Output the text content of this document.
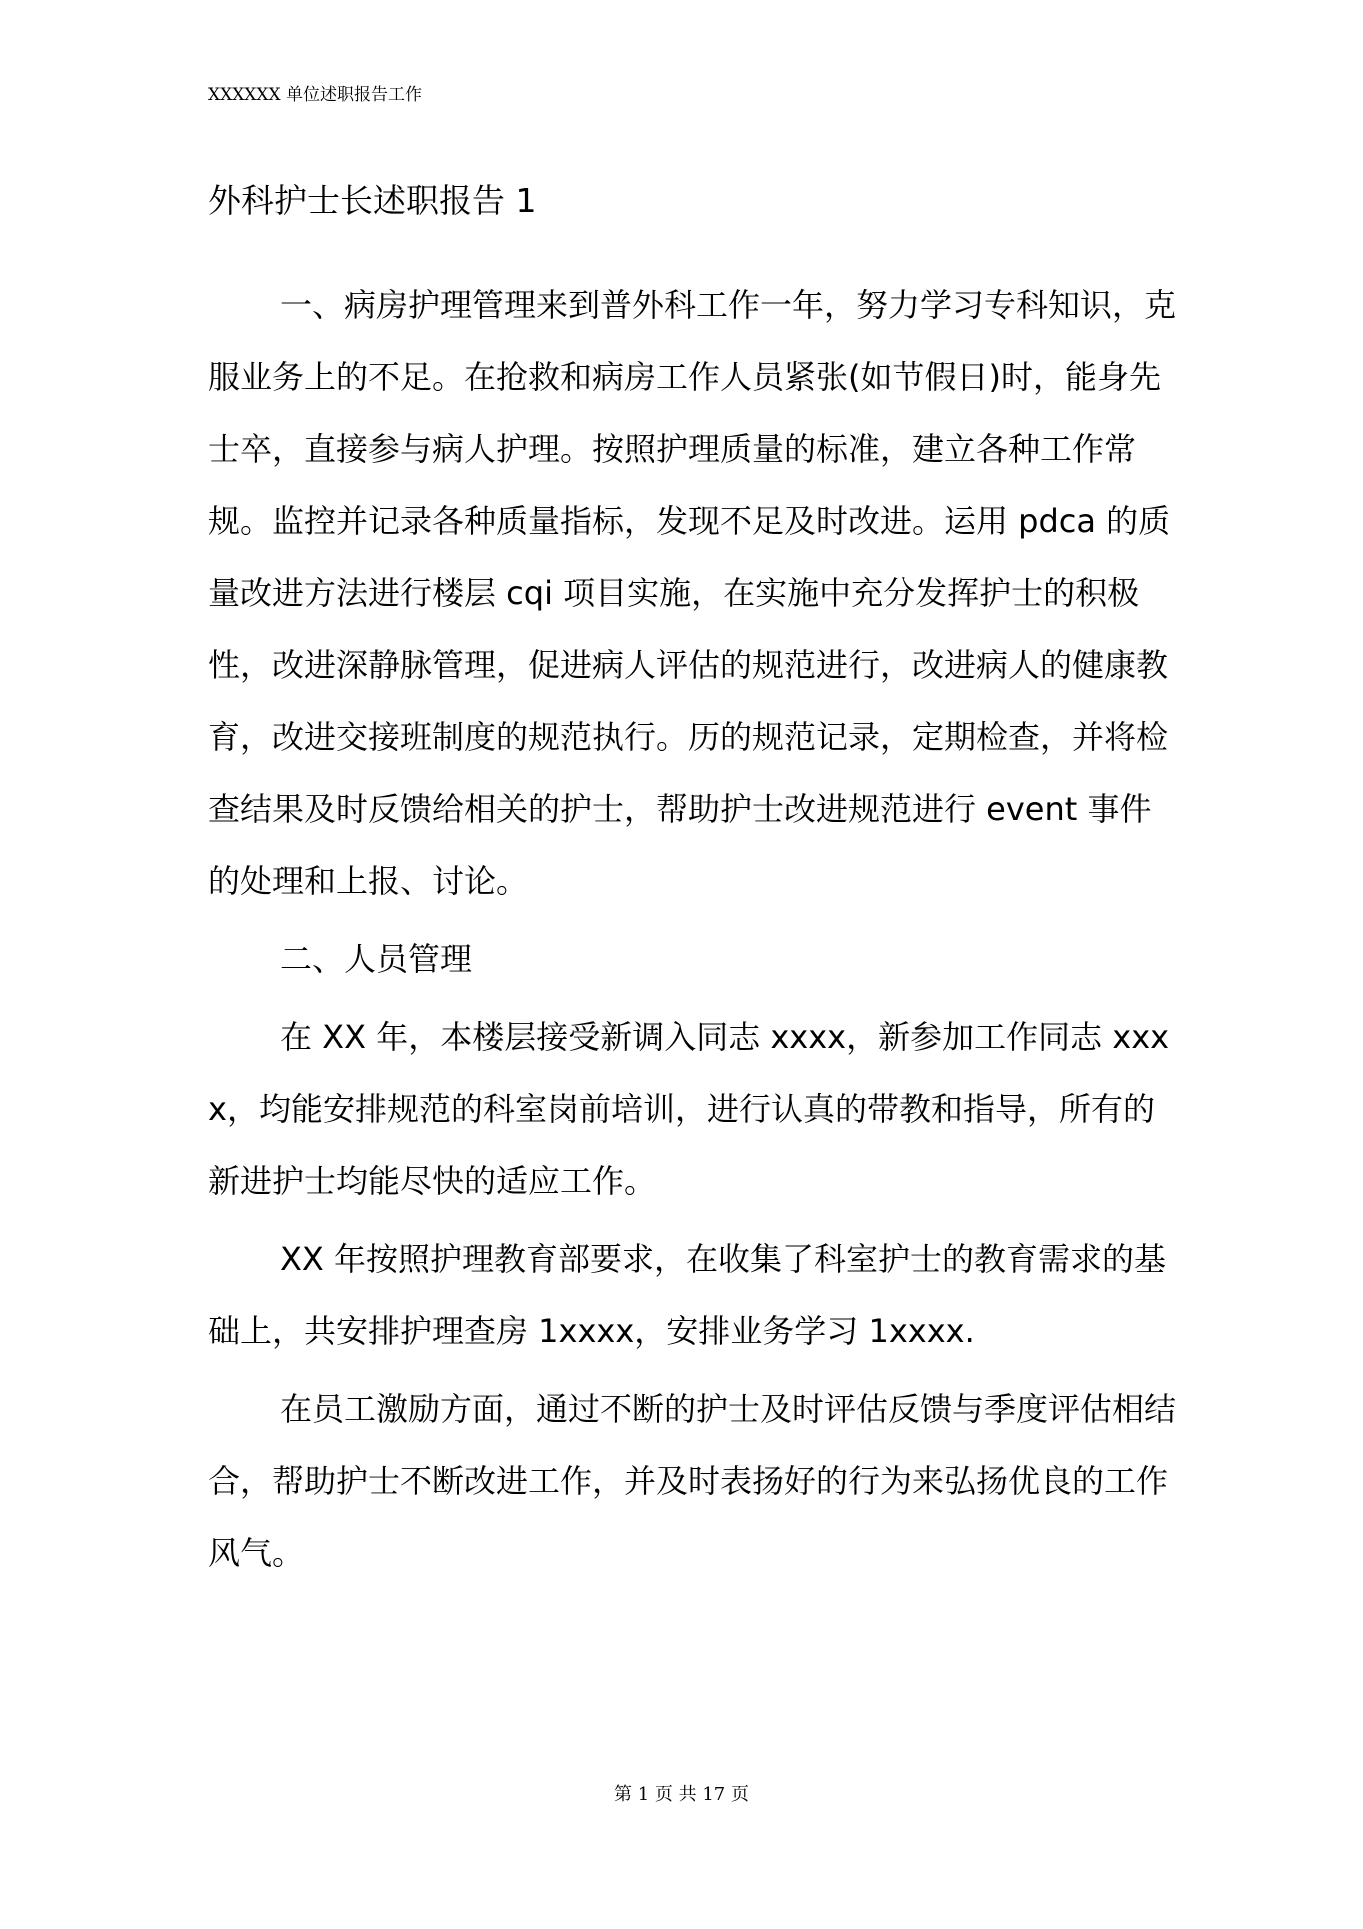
XXXXXX 单位述职报告工作
外科护士长述职报告 1

一、病房护理管理来到普外科工作一年，努力学习专科知识，克服业务上的不足。在抢救和病房工作人员紧张(如节假日)时，能身先士卒，直接参与病人护理。按照护理质量的标准，建立各种工作常规。监控并记录各种质量指标，发现不足及时改进。运用 pdca 的质量改进方法进行楼层 cqi 项目实施，在实施中充分发挥护士的积极性，改进深静脉管理，促进病人评估的规范进行，改进病人的健康教育，改进交接班制度的规范执行。历的规范记录，定期检查，并将检查结果及时反馈给相关的护士，帮助护士改进规范进行 event 事件的处理和上报、讨论。

二、人员管理

在 XX 年，本楼层接受新调入同志 xxxx，新参加工作同志 xxxx，均能安排规范的科室岗前培训，进行认真的带教和指导，所有的新进护士均能尽快的适应工作。

XX 年按照护理教育部要求，在收集了科室护士的教育需求的基础上，共安排护理查房 1xxxx，安排业务学习 1xxxx.

在员工激励方面，通过不断的护士及时评估反馈与季度评估相结合，帮助护士不断改进工作，并及时表扬好的行为来弘扬优良的工作风气。

第 1 页 共 17 页
